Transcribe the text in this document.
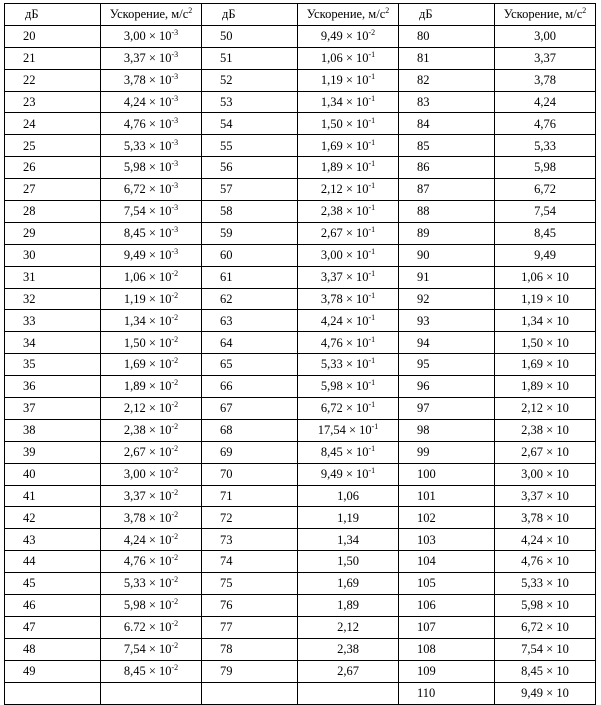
дБ	Ускорение, $м/с^2$	дБ	Ускорение, $м/с^2$	дБ	Ускорение, $м/с^2$
20	$3,00 \times 10^{-3}$	50	$9,49 \times 10^{-2}$	80	3,00
21	$3,37 \times 10^{-3}$	51	$1,06 \times 10^{-1}$	81	3,37
22	$3,78 \times 10^{-3}$	52	$1,19 \times 10^{-1}$	82	3,78
23	$4,24 \times 10^{-3}$	53	$1,34 \times 10^{-1}$	83	4,24
24	$4,76 \times 10^{-3}$	54	$1,50 \times 10^{-1}$	84	4,76
25	$5,33 \times 10^{-3}$	55	$1,69 \times 10^{-1}$	85	5,33
26	$5,98 \times 10^{-3}$	56	$1,89 \times 10^{-1}$	86	5,98
27	$6,72 \times 10^{-3}$	57	$2,12 \times 10^{-1}$	87	6,72
28	$7,54 \times 10^{-3}$	58	$2,38 \times 10^{-1}$	88	7,54
29	$8,45 \times 10^{-3}$	59	$2,67 \times 10^{-1}$	89	8,45
30	$9,49 \times 10^{-3}$	60	$3,00 \times 10^{-1}$	90	9,49
31	$1,06 \times 10^{-2}$	61	$3,37 \times 10^{-1}$	91	1,06 × 10
32	$1,19 \times 10^{-2}$	62	$3,78 \times 10^{-1}$	92	1,19 × 10
33	$1,34 \times 10^{-2}$	63	$4,24 \times 10^{-1}$	93	1,34 × 10
34	$1,50 \times 10^{-2}$	64	$4,76 \times 10^{-1}$	94	1,50 × 10
35	$1,69 \times 10^{-2}$	65	$5,33 \times 10^{-1}$	95	1,69 × 10
36	$1,89 \times 10^{-2}$	66	$5,98 \times 10^{-1}$	96	1,89 × 10
37	$2,12 \times 10^{-2}$	67	$6,72 \times 10^{-1}$	97	2,12 × 10
38	$2,38 \times 10^{-2}$	68	$17,54 \times 10^{-1}$	98	2,38 × 10
39	$2,67 \times 10^{-2}$	69	$8,45 \times 10^{-1}$	99	2,67 × 10
40	$3,00 \times 10^{-2}$	70	$9,49 \times 10^{-1}$	100	3,00 × 10
41	$3,37 \times 10^{-2}$	71	1,06	101	3,37 × 10
42	$3,78 \times 10^{-2}$	72	1,19	102	3,78 × 10
43	$4,24 \times 10^{-2}$	73	1,34	103	4,24 × 10
44	$4,76 \times 10^{-2}$	74	1,50	104	4,76 × 10
45	$5,33 \times 10^{-2}$	75	1,69	105	5,33 × 10
46	$5,98 \times 10^{-2}$	76	1,89	106	5,98 × 10
47	$6.72 \times 10^{-2}$	77	2,12	107	6,72 × 10
48	$7,54 \times 10^{-2}$	78	2,38	108	7,54 × 10
49	$8,45 \times 10^{-2}$	79	2,67	109	8,45 × 10
				110	9,49 × 10
